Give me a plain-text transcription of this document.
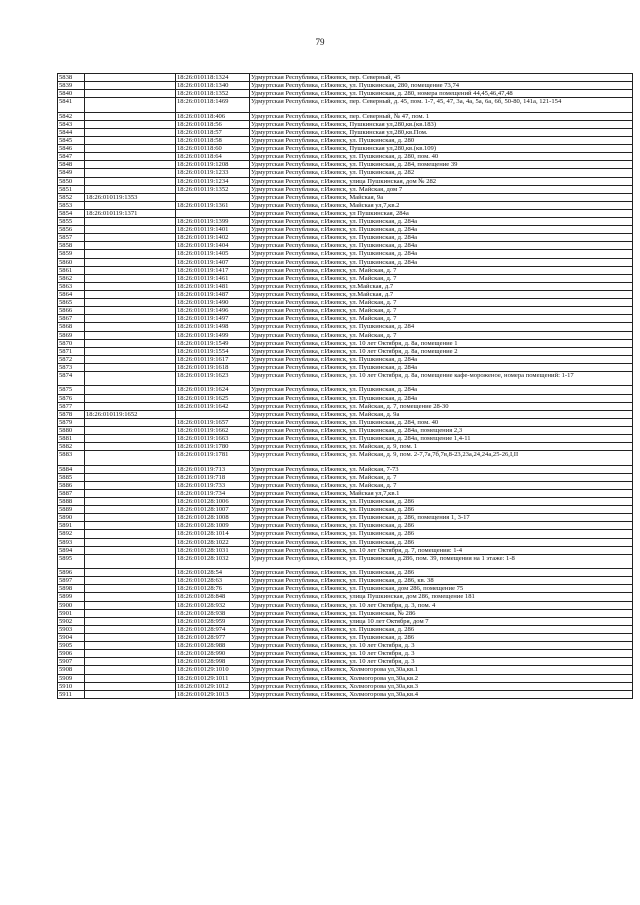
79
5838		18:26:010118:1324	Удмуртская Республика, г.Ижевск, пер. Северный, 45
5839		18:26:010118:1340	Удмуртская Республика, г.Ижевск, ул. Пушкинская, 280, помещение 73,74
5840		18:26:010118:1352	Удмуртская Республика, г.Ижевск, ул. Пушкинская, д. 280, номера помещений 44,45,46,47,48
5841		18:26:010118:1469	Удмуртская Республика, г.Ижевск, пер. Северный, д. 45, пом. 1-7, 45, 47, 3а, 4а, 5а, 6а, 6б, 50-80, 141а, 121-154
5842		18:26:010118:406	Удмуртская Республика, г.Ижевск, пер. Северный, № 47, пом. 1
5843		18:26:010118:56	Удмуртская Республика, г.Ижевск, Пушкинская ул,280,кв.(кв.183)
5844		18:26:010118:57	Удмуртская Республика, г.Ижевск, Пушкинская ул,280,кв.Пом.
5845		18:26:010118:58	Удмуртская Республика, г.Ижевск, ул. Пушкинская, д. 280
5846		18:26:010118:60	Удмуртская Республика, г.Ижевск, Пушкинская ул,280,кв.(кв.109)
5847		18:26:010118:64	Удмуртская Республика, г.Ижевск, ул. Пушкинская, д. 280, пом. 40
5848		18:26:010119:1208	Удмуртская Республика, г.Ижевск, ул. Пушкинская, д. 284, помещение 39
5849		18:26:010119:1233	Удмуртская Республика, г.Ижевск, ул. Пушкинская, д. 282
5850		18:26:010119:1234	Удмуртская Республика, г.Ижевск, улица Пушкинская, дом № 282
5851		18:26:010119:1352	Удмуртская Республика, г.Ижевск, ул. Майская, дом 7
5852	18:26:010119:1353		Удмуртская Республика, г.Ижевск, Майская, 9а
5853		18:26:010119:1361	Удмуртская Республика, г.Ижевск, Майская ул,7,кв.2
5854	18:26:010119:1371		Удмуртская Республика, г.Ижевск, ул Пушкинская, 284а
5855		18:26:010119:1399	Удмуртская Республика, г.Ижевск, ул. Пушкинская, д. 284а
5856		18:26:010119:1401	Удмуртская Республика, г.Ижевск, ул. Пушкинская, д. 284а
5857		18:26:010119:1402	Удмуртская Республика, г.Ижевск, ул. Пушкинская, д. 284а
5858		18:26:010119:1404	Удмуртская Республика, г.Ижевск, ул. Пушкинская, д. 284а
5859		18:26:010119:1405	Удмуртская Республика, г.Ижевск, ул. Пушкинская, д. 284а
5860		18:26:010119:1407	Удмуртская Республика, г.Ижевск, ул. Пушкинская, д. 284а
5861		18:26:010119:1417	Удмуртская Республика, г.Ижевск, ул. Майская, д. 7
5862		18:26:010119:1461	Удмуртская Республика, г.Ижевск, ул. Майская, д. 7
5863		18:26:010119:1481	Удмуртская Республика, г.Ижевск, ул.Майская, д.7
5864		18:26:010119:1487	Удмуртская Республика, г.Ижевск, ул.Майская, д.7
5865		18:26:010119:1490	Удмуртская Республика, г.Ижевск, ул. Майская, д. 7
5866		18:26:010119:1496	Удмуртская Республика, г.Ижевск, ул. Майская, д. 7
5867		18:26:010119:1497	Удмуртская Республика, г.Ижевск, ул. Майская, д. 7
5868		18:26:010119:1498	Удмуртская Республика, г.Ижевск, ул. Пушкинская, д. 284
5869		18:26:010119:1499	Удмуртская Республика, г.Ижевск, ул. Майская, д. 7
5870		18:26:010119:1549	Удмуртская Республика, г.Ижевск, ул. 10 лет Октября, д. 8а, помещение 1
5871		18:26:010119:1554	Удмуртская Республика, г.Ижевск, ул. 10 лет Октября, д. 8а, помещение 2
5872		18:26:010119:1617	Удмуртская Республика, г.Ижевск, ул. Пушкинская, д. 284а
5873		18:26:010119:1618	Удмуртская Республика, г.Ижевск, ул. Пушкинская, д. 284а
5874		18:26:010119:1623	Удмуртская Республика, г.Ижевск, ул. 10 лет Октября, д. 8а, помещение кафе-мороженое, номера помещений: 1-17
5875		18:26:010119:1624	Удмуртская Республика, г.Ижевск, ул. Пушкинская, д. 284а
5876		18:26:010119:1625	Удмуртская Республика, г.Ижевск, ул. Пушкинская, д. 284а
5877		18:26:010119:1642	Удмуртская Республика, г.Ижевск, ул. Майская, д. 7, помещение 28-30
5878	18:26:010119:1652		Удмуртская Республика, г.Ижевск, ул. Майская, д. 9а
5879		18:26:010119:1657	Удмуртская Республика, г.Ижевск, ул. Пушкинская, д. 284, пом. 40
5880		18:26:010119:1662	Удмуртская Республика, г.Ижевск, ул. Пушкинская, д. 284а, помещения 2,3
5881		18:26:010119:1663	Удмуртская Республика, г.Ижевск, ул. Пушкинская, д. 284а, помещение 1,4-11
5882		18:26:010119:1780	Удмуртская Республика, г.Ижевск, ул. Майская, д. 9, пом. 1
5883		18:26:010119:1781	Удмуртская Республика, г.Ижевск, ул. Майская, д. 9, пом. 2-7,7а,7б,7в,8-23,23а,24,24а,25-26,I,II
5884		18:26:010119:713	Удмуртская Республика, г.Ижевск, ул. Майская, 7-73
5885		18:26:010119:718	Удмуртская Республика, г.Ижевск, ул. Майская, д. 7
5886		18:26:010119:733	Удмуртская Республика, г.Ижевск, ул. Майская, д. 7
5887		18:26:010119:734	Удмуртская Республика, г.Ижевск, Майская ул,7,кв.1
5888		18:26:010128:1006	Удмуртская Республика, г.Ижевск, ул. Пушкинская, д. 286
5889		18:26:010128:1007	Удмуртская Республика, г.Ижевск, ул. Пушкинская, д. 286
5890		18:26:010128:1008	Удмуртская Республика, г.Ижевск, ул. Пушкинская, д. 286, помещения 1, 3-17
5891		18:26:010128:1009	Удмуртская Республика, г.Ижевск, ул. Пушкинская, д. 286
5892		18:26:010128:1014	Удмуртская Республика, г.Ижевск, ул. Пушкинская, д. 286
5893		18:26:010128:1022	Удмуртская Республика, г.Ижевск, ул. Пушкинская, д. 286
5894		18:26:010128:1031	Удмуртская Республика, г.Ижевск, ул. 10 лет Октября, д. 7, помещения: 1-4
5895		18:26:010128:1032	Удмуртская Республика, г.Ижевск, ул. Пушкинская, д.286, пом. 39, помещения на 1 этаже: 1-8
5896		18:26:010128:54	Удмуртская Республика, г.Ижевск, ул. Пушкинская, д. 286
5897		18:26:010128:63	Удмуртская Республика, г.Ижевск, ул. Пушкинская, д. 286, кв. 38
5898		18:26:010128:76	Удмуртская Республика, г.Ижевск, ул. Пушкинская, дом 286, помещение 75
5899		18:26:010128:848	Удмуртская Республика, г.Ижевск, улица Пушкинская, дом 286, помещение 181
5900		18:26:010128:932	Удмуртская Республика, г.Ижевск, ул. 10 лет Октября, д. 3, пом. 4
5901		18:26:010128:938	Удмуртская Республика, г.Ижевск, ул. Пушкинская, № 286
5902		18:26:010128:959	Удмуртская Республика, г.Ижевск, улица 10 лет Октября, дом 7
5903		18:26:010128:974	Удмуртская Республика, г.Ижевск, ул. Пушкинская, д. 286
5904		18:26:010128:977	Удмуртская Республика, г.Ижевск, ул. Пушкинская, д. 286
5905		18:26:010128:988	Удмуртская Республика, г.Ижевск, ул. 10 лет Октября, д. 3
5906		18:26:010128:990	Удмуртская Республика, г.Ижевск, ул. 10 лет Октября, д. 3
5907		18:26:010128:998	Удмуртская Республика, г.Ижевск, ул. 10 лет Октября, д. 3
5908		18:26:010129:1010	Удмуртская Республика, г.Ижевск, Холмогорова ул,30а,кв.1
5909		18:26:010129:1011	Удмуртская Республика, г.Ижевск, Холмогорова ул,30а,кв.2
5910		18:26:010129:1012	Удмуртская Республика, г.Ижевск, Холмогорова ул,30а,кв.3
5911		18:26:010129:1013	Удмуртская Республика, г.Ижевск, Холмогорова ул,30а,кв.4
